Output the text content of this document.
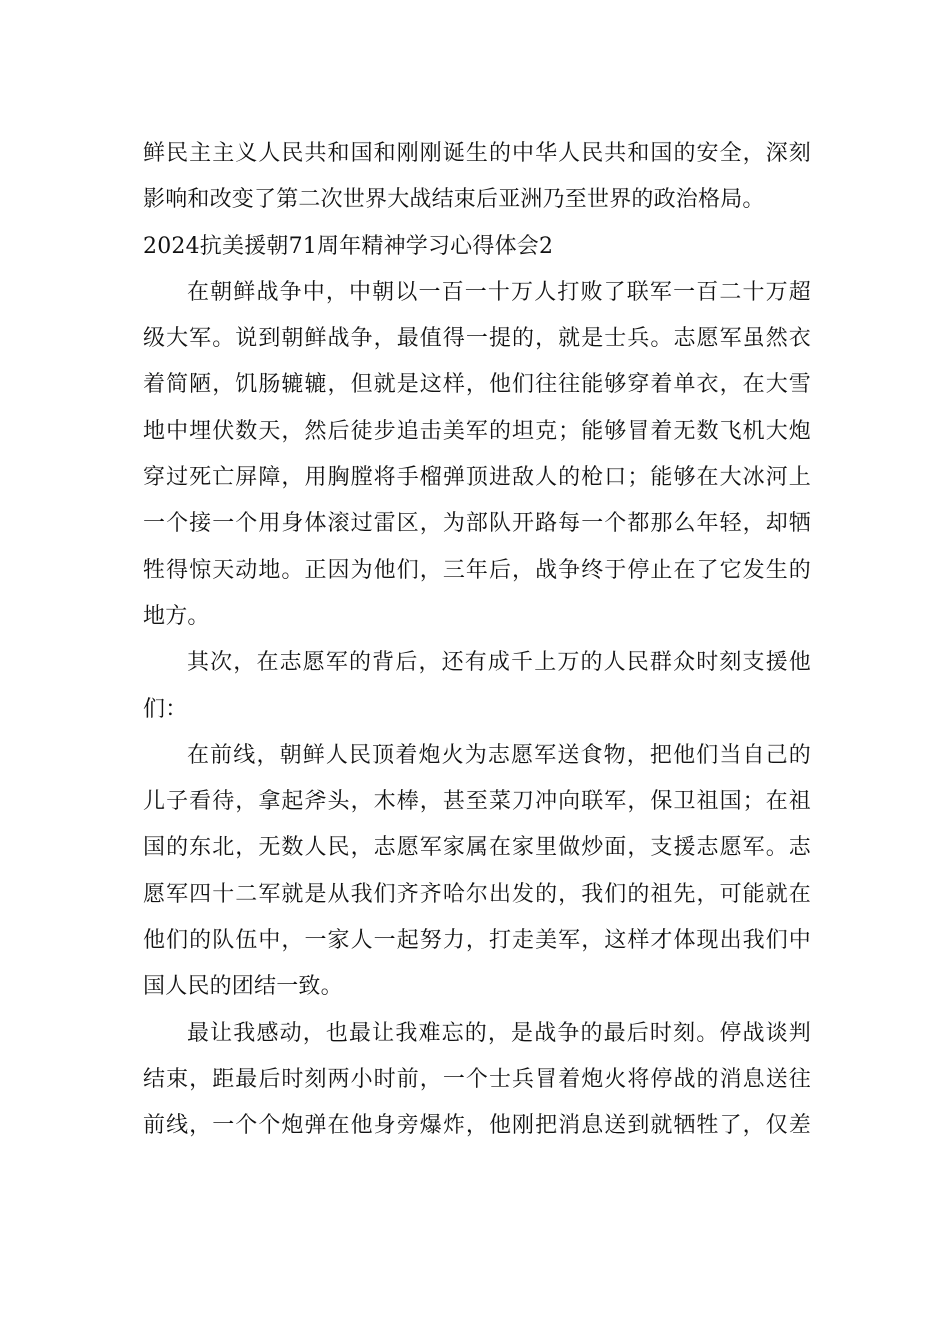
鲜民主主义人民共和国和刚刚诞生的中华人民共和国的安全，深刻
影响和改变了第二次世界大战结束后亚洲乃至世界的政治格局。
2024抗美援朝71周年精神学习心得体会2
在朝鲜战争中，中朝以一百一十万人打败了联军一百二十万超
级大军。说到朝鲜战争，最值得一提的，就是士兵。志愿军虽然衣
着简陋，饥肠辘辘，但就是这样，他们往往能够穿着单衣，在大雪
地中埋伏数天，然后徒步追击美军的坦克；能够冒着无数飞机大炮
穿过死亡屏障，用胸膛将手榴弹顶进敌人的枪口；能够在大冰河上
一个接一个用身体滚过雷区，为部队开路每一个都那么年轻，却牺
牲得惊天动地。正因为他们，三年后，战争终于停止在了它发生的
地方。
其次，在志愿军的背后，还有成千上万的人民群众时刻支援他
们：
在前线，朝鲜人民顶着炮火为志愿军送食物，把他们当自己的
儿子看待，拿起斧头，木棒，甚至菜刀冲向联军，保卫祖国；在祖
国的东北，无数人民，志愿军家属在家里做炒面，支援志愿军。志
愿军四十二军就是从我们齐齐哈尔出发的，我们的祖先，可能就在
他们的队伍中，一家人一起努力，打走美军，这样才体现出我们中
国人民的团结一致。
最让我感动，也最让我难忘的，是战争的最后时刻。停战谈判
结束，距最后时刻两小时前，一个士兵冒着炮火将停战的消息送往
前线，一个个炮弹在他身旁爆炸，他刚把消息送到就牺牲了，仅差
